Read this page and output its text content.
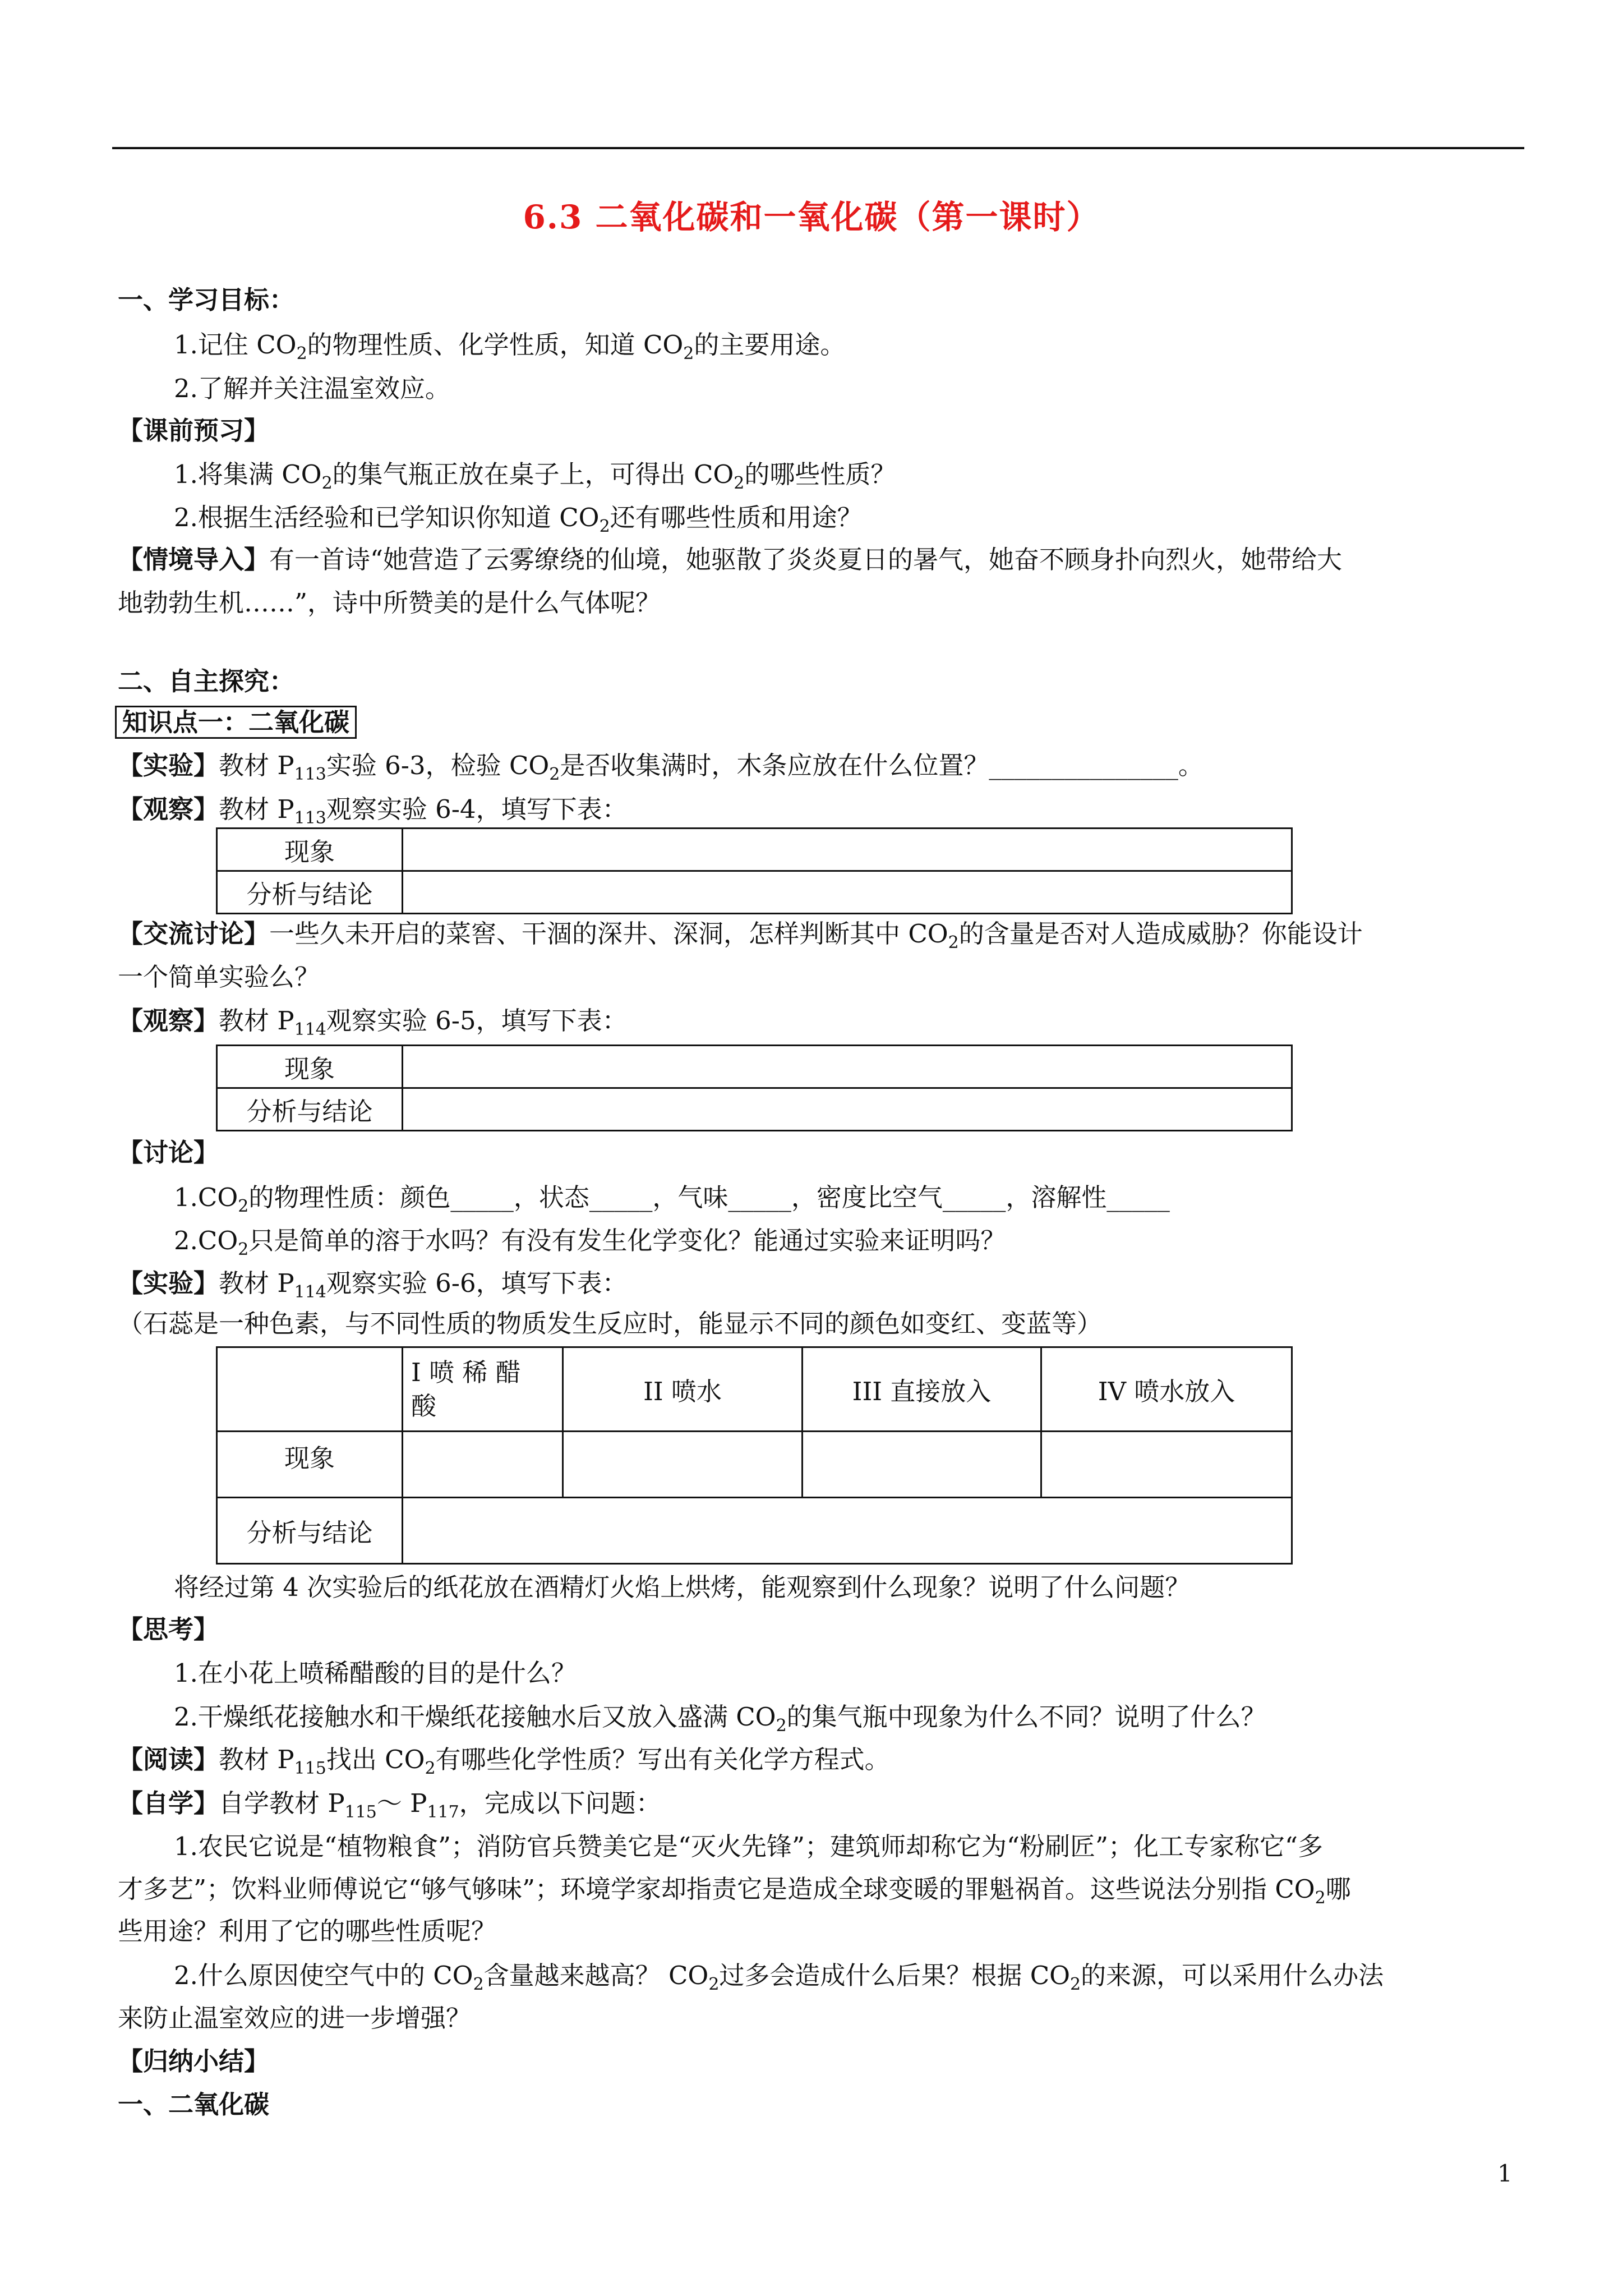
6.3 二氧化碳和一氧化碳（第一课时）
一、学习目标：
1.记住 $CO_2$的物理性质、化学性质，知道 $CO_2$的主要用途。
2.了解并关注温室效应。
【课前预习】
1.将集满 $CO_2$的集气瓶正放在桌子上，可得出 $CO_2$的哪些性质？
2.根据生活经验和已学知识你知道 $CO_2$还有哪些性质和用途？
【情境导入】有一首诗“她营造了云雾缭绕的仙境，她驱散了炎炎夏日的暑气，她奋不顾身扑向烈火，她带给大
地勃勃生机……”，诗中所赞美的是什么气体呢？
二、自主探究：
知识点一：二氧化碳
【实验】教材 $P_{113}$实验 6-3，检验 $CO_2$是否收集满时，木条应放在什么位置？_______________。
【观察】教材 $P_{113}$观察实验 6-4，填写下表：
现象	
分析与结论	
【交流讨论】一些久未开启的菜窖、干涸的深井、深洞，怎样判断其中 $CO_2$的含量是否对人造成威胁？你能设计
一个简单实验么？
【观察】教材 $P_{114}$观察实验 6-5，填写下表：
现象	
分析与结论	
【讨论】
$1.CO_2$的物理性质：颜色_____，状态_____，气味_____，密度比空气_____，溶解性_____
$2.CO_2$只是简单的溶于水吗？有没有发生化学变化？能通过实验来证明吗？
【实验】教材 $P_{114}$观察实验 6-6，填写下表：
（石蕊是一种色素，与不同性质的物质发生反应时，能显示不同的颜色如变红、变蓝等）
	I 喷 稀 醋
酸	II 喷水	III 直接放入	IV 喷水放入
现象				
分析与结论				
将经过第 4 次实验后的纸花放在酒精灯火焰上烘烤，能观察到什么现象？说明了什么问题？
【思考】
1.在小花上喷稀醋酸的目的是什么？
2.干燥纸花接触水和干燥纸花接触水后又放入盛满 $CO_2$的集气瓶中现象为什么不同？说明了什么？
【阅读】教材 $P_{115}$找出 $CO_2$有哪些化学性质？写出有关化学方程式。
【自学】自学教材 $P_{115}\sim$ $P_{117}$，完成以下问题：
1.农民它说是“植物粮食”；消防官兵赞美它是“灭火先锋”；建筑师却称它为“粉刷匠”；化工专家称它“多
才多艺”；饮料业师傅说它“够气够味”；环境学家却指责它是造成全球变暖的罪魁祸首。这些说法分别指 $CO_2$哪
些用途？利用了它的哪些性质呢？
2.什么原因使空气中的 $CO_2$含量越来越高？ $CO_2$过多会造成什么后果？根据 $CO_2$的来源，可以采用什么办法
来防止温室效应的进一步增强？
【归纳小结】
一、二氧化碳
1
